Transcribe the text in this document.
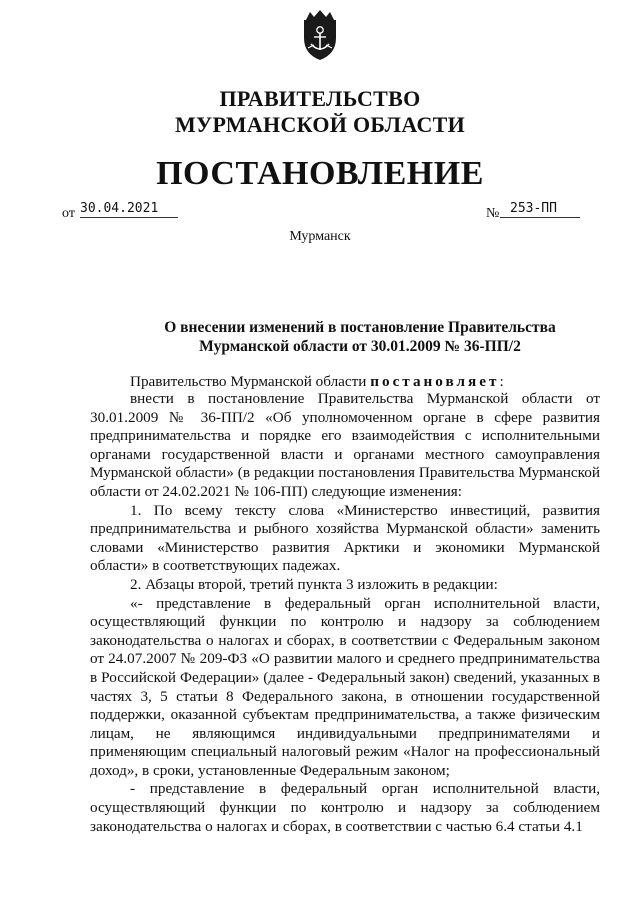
ПРАВИТЕЛЬСТВО
МУРМАНСКОЙ ОБЛАСТИ
ПОСТАНОВЛЕНИЕ
от 30.04.2021	№ 253-ПП
Мурманск
О внесении изменений в постановление Правительства Мурманской области от 30.01.2009 № 36-ПП/2
Правительство Мурманской области постановляет:
внести в постановление Правительства Мурманской области от 30.01.2009 № 36-ПП/2 «Об уполномоченном органе в сфере развития предпринимательства и порядке его взаимодействия с исполнительными органами государственной власти и органами местного самоуправления Мурманской области» (в редакции постановления Правительства Мурманской области от 24.02.2021 № 106-ПП) следующие изменения:
1. По всему тексту слова «Министерство инвестиций, развития предпринимательства и рыбного хозяйства Мурманской области» заменить словами «Министерство развития Арктики и экономики Мурманской области» в соответствующих падежах.
2. Абзацы второй, третий пункта 3 изложить в редакции:
«- представление в федеральный орган исполнительной власти, осуществляющий функции по контролю и надзору за соблюдением законодательства о налогах и сборах, в соответствии с Федеральным законом от 24.07.2007 № 209-ФЗ «О развитии малого и среднего предпринимательства в Российской Федерации» (далее - Федеральный закон) сведений, указанных в частях 3, 5 статьи 8 Федерального закона, в отношении государственной поддержки, оказанной субъектам предпринимательства, а также физическим лицам, не являющимся индивидуальными предпринимателями и применяющим специальный налоговый режим «Налог на профессиональный доход», в сроки, установленные Федеральным законом;
- представление в федеральный орган исполнительной власти, осуществляющий функции по контролю и надзору за соблюдением законодательства о налогах и сборах, в соответствии с частью 6.4 статьи 4.1
